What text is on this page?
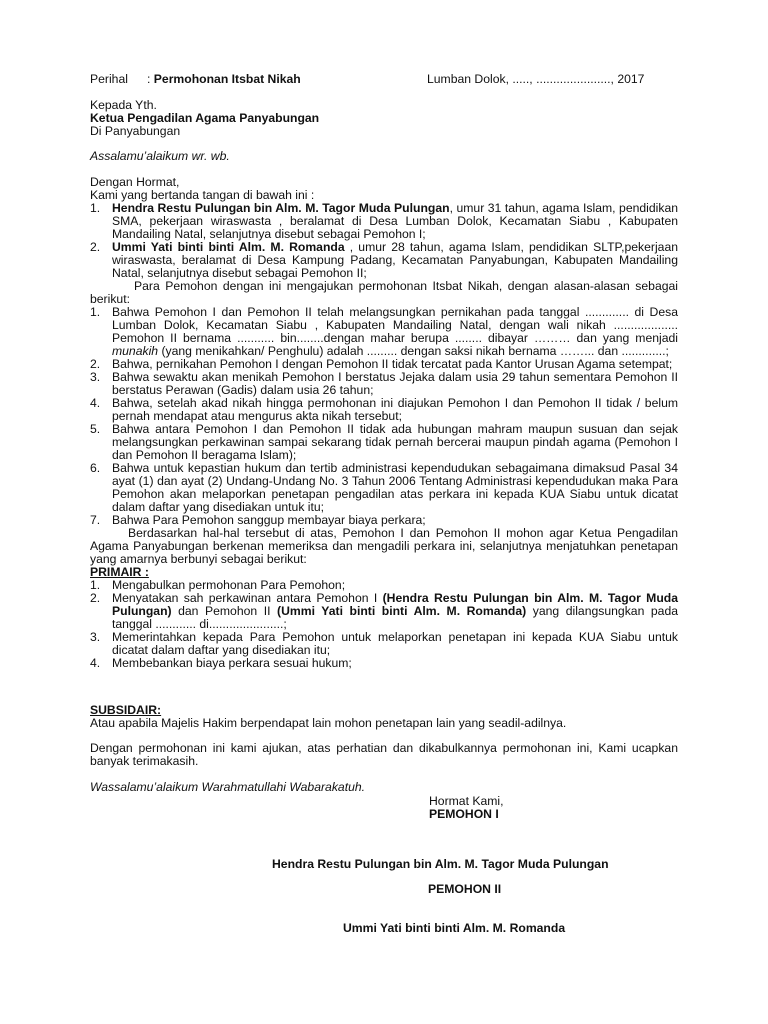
Perihal : Permohonan Itsbat Nikah	Lumban Dolok, ....., ......................, 2017
Kepada Yth.
Ketua Pengadilan Agama Panyabungan
Di Panyabungan
Assalamu’alaikum wr. wb.
Dengan Hormat,
Kami yang bertanda tangan di bawah ini :
1. Hendra Restu Pulungan bin Alm. M. Tagor Muda Pulungan, umur 31 tahun, agama Islam, pendidikan SMA, pekerjaan wiraswasta , beralamat di Desa Lumban Dolok, Kecamatan Siabu , Kabupaten Mandailing Natal, selanjutnya disebut sebagai Pemohon I;
2. Ummi Yati binti binti Alm. M. Romanda , umur 28 tahun, agama Islam, pendidikan SLTP,pekerjaan wiraswasta, beralamat di Desa Kampung Padang, Kecamatan Panyabungan, Kabupaten Mandailing Natal, selanjutnya disebut sebagai Pemohon II;
Para Pemohon dengan ini mengajukan permohonan Itsbat Nikah, dengan alasan-alasan sebagai berikut:
1. Bahwa Pemohon I dan Pemohon II telah melangsungkan pernikahan pada tanggal ............. di Desa Lumban Dolok, Kecamatan Siabu , Kabupaten Mandailing Natal, dengan wali nikah ................... Pemohon II bernama ........... bin........dengan mahar berupa ........ dibayar ……… dan yang menjadi munakih (yang menikahkan/ Penghulu) adalah ......... dengan saksi nikah bernama ……... dan .............;
2. Bahwa, pernikahan Pemohon I dengan Pemohon II tidak tercatat pada Kantor Urusan Agama setempat;
3. Bahwa sewaktu akan menikah Pemohon I berstatus Jejaka dalam usia 29 tahun sementara Pemohon II berstatus Perawan (Gadis) dalam usia 26 tahun;
4. Bahwa, setelah akad nikah hingga permohonan ini diajukan Pemohon I dan Pemohon II tidak / belum pernah mendapat atau mengurus akta nikah tersebut;
5. Bahwa antara Pemohon I dan Pemohon II tidak ada hubungan mahram maupun susuan dan sejak melangsungkan perkawinan sampai sekarang tidak pernah bercerai maupun pindah agama (Pemohon I dan Pemohon II beragama Islam);
6. Bahwa untuk kepastian hukum dan tertib administrasi kependudukan sebagaimana dimaksud Pasal 34 ayat (1) dan ayat (2) Undang-Undang No. 3 Tahun 2006 Tentang Administrasi kependudukan maka Para Pemohon akan melaporkan penetapan pengadilan atas perkara ini kepada KUA Siabu untuk dicatat dalam daftar yang disediakan untuk itu;
7. Bahwa Para Pemohon sanggup membayar biaya perkara;
Berdasarkan hal-hal tersebut di atas, Pemohon I dan Pemohon II mohon agar Ketua Pengadilan Agama Panyabungan berkenan memeriksa dan mengadili perkara ini, selanjutnya menjatuhkan penetapan yang amarnya berbunyi sebagai berikut:
PRIMAIR :
1. Mengabulkan permohonan Para Pemohon;
2. Menyatakan sah perkawinan antara Pemohon I (Hendra Restu Pulungan bin Alm. M. Tagor Muda Pulungan) dan Pemohon II (Ummi Yati binti binti Alm. M. Romanda) yang dilangsungkan pada tanggal ............ di......................;
3. Memerintahkan kepada Para Pemohon untuk melaporkan penetapan ini kepada KUA Siabu untuk dicatat dalam daftar yang disediakan itu;
4. Membebankan biaya perkara sesuai hukum;
SUBSIDAIR:
Atau apabila Majelis Hakim berpendapat lain mohon penetapan lain yang seadil-adilnya.
Dengan permohonan ini kami ajukan, atas perhatian dan dikabulkannya permohonan ini, Kami ucapkan banyak terimakasih.
Wassalamu’alaikum Warahmatullahi Wabarakatuh.
Hormat Kami,
PEMOHON I
Hendra Restu Pulungan bin Alm. M. Tagor Muda Pulungan
PEMOHON II
Ummi Yati binti binti Alm. M. Romanda
